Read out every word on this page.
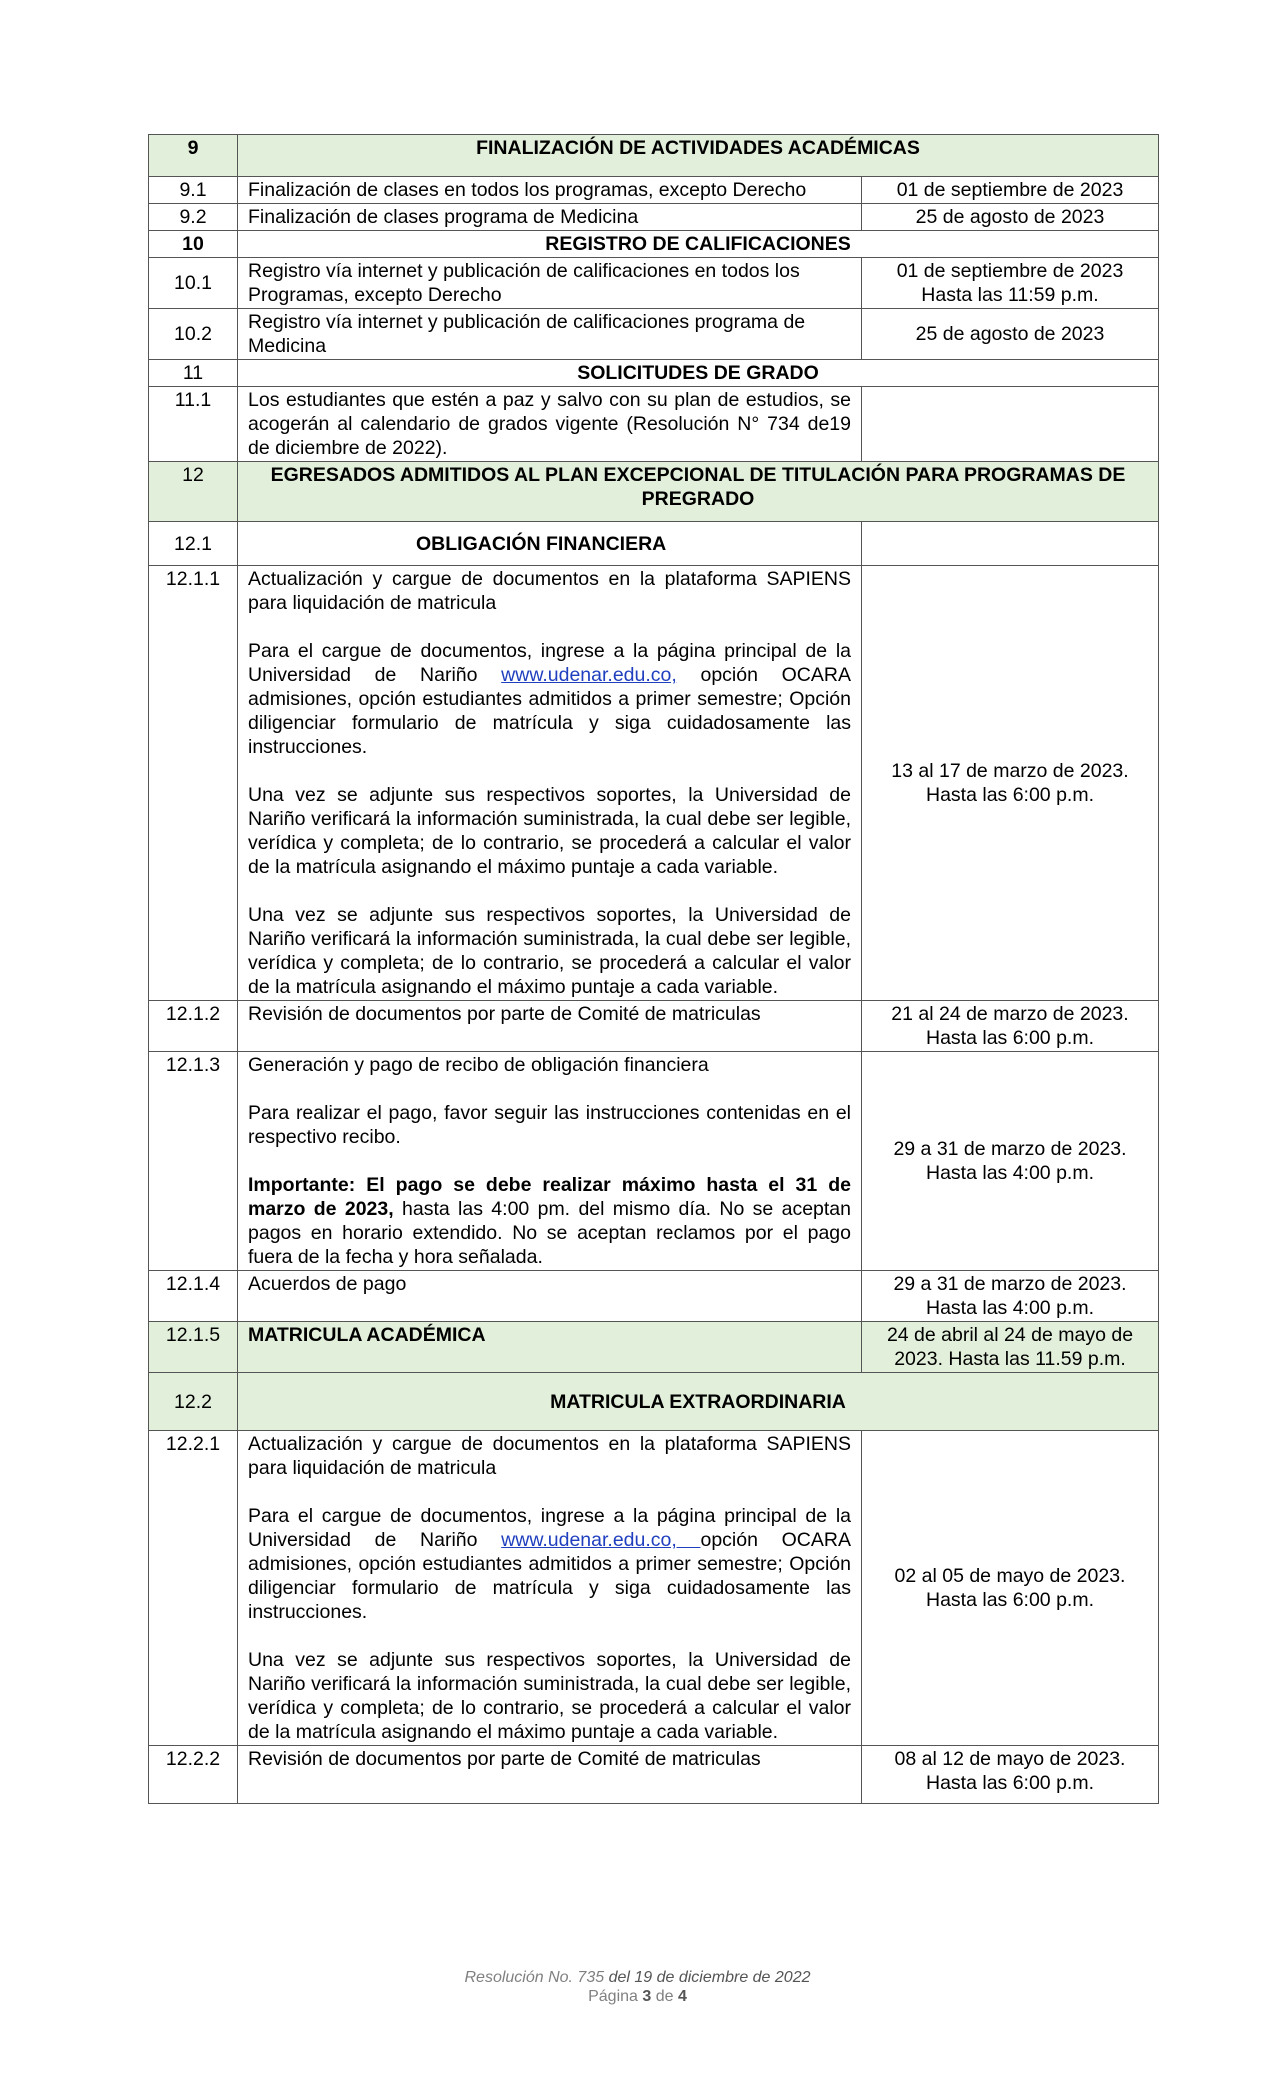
9	FINALIZACIÓN DE ACTIVIDADES ACADÉMICAS	
9.1	Finalización de clases en todos los programas, excepto Derecho	01 de septiembre de 2023
9.2	Finalización de clases programa de Medicina	25 de agosto de 2023
10	REGISTRO DE CALIFICACIONES	
10.1	Registro vía internet y publicación de calificaciones en todos los Programas, excepto Derecho	01 de septiembre de 2023
Hasta las 11:59 p.m.

10.2	Registro vía internet y publicación de calificaciones programa de Medicina	25 de agosto de 2023
11	SOLICITUDES DE GRADO	
11.1	Los estudiantes que estén a paz y salvo con su plan de estudios, se acogerán al calendario de grados vigente (Resolución N° 734 de19 de diciembre de 2022).	
12	EGRESADOS ADMITIDOS AL PLAN EXCEPCIONAL DE TITULACIÓN PARA PROGRAMAS DE PREGRADO	
12.1	OBLIGACIÓN FINANCIERA	
12.1.1	Actualización y cargue de documentos en la plataforma SAPIENS para liquidación de matricula
Para el cargue de documentos, ingrese a la página principal de la Universidad de Nariño www.udenar.edu.co, opción OCARA admisiones, opción estudiantes admitidos a primer semestre; Opción diligenciar formulario de matrícula y siga cuidadosamente las instrucciones.
Una vez se adjunte sus respectivos soportes, la Universidad de Nariño verificará la información suministrada, la cual debe ser legible, verídica y completa; de lo contrario, se procederá a calcular el valor de la matrícula asignando el máximo puntaje a cada variable.
Una vez se adjunte sus respectivos soportes, la Universidad de Nariño verificará la información suministrada, la cual debe ser legible, verídica y completa; de lo contrario, se procederá a calcular el valor de la matrícula asignando el máximo puntaje a cada variable.	13 al 17 de marzo de 2023.
Hasta las 6:00 p.m.

12.1.2	Revisión de documentos por parte de Comité de matriculas	21 al 24 de marzo de 2023.
Hasta las 6:00 p.m.

12.1.3	Generación y pago de recibo de obligación financiera
Para realizar el pago, favor seguir las instrucciones contenidas en el respectivo recibo.
Importante: El pago se debe realizar máximo hasta el 31 de marzo de 2023, hasta las 4:00 pm. del mismo día. No se aceptan pagos en horario extendido. No se aceptan reclamos por el pago fuera de la fecha y hora señalada.	29 a 31 de marzo de 2023.
Hasta las 4:00 p.m.

12.1.4	Acuerdos de pago	29 a 31 de marzo de 2023.
Hasta las 4:00 p.m.

12.1.5	MATRICULA ACADÉMICA	24 de abril al 24 de mayo de
2023. Hasta las 11.59 p.m.

12.2	MATRICULA EXTRAORDINARIA	
12.2.1	Actualización y cargue de documentos en la plataforma SAPIENS para liquidación de matricula
Para el cargue de documentos, ingrese a la página principal de la Universidad de Nariño www.udenar.edu.co, opción OCARA admisiones, opción estudiantes admitidos a primer semestre; Opción diligenciar formulario de matrícula y siga cuidadosamente las instrucciones.
Una vez se adjunte sus respectivos soportes, la Universidad de Nariño verificará la información suministrada, la cual debe ser legible, verídica y completa; de lo contrario, se procederá a calcular el valor de la matrícula asignando el máximo puntaje a cada variable.	02 al 05 de mayo de 2023.
Hasta las 6:00 p.m.

12.2.2	Revisión de documentos por parte de Comité de matriculas	08 al 12 de mayo de 2023.
Hasta las 6:00 p.m.
Resolución No. 735 del 19 de diciembre de 2022
Página 3 de 4
